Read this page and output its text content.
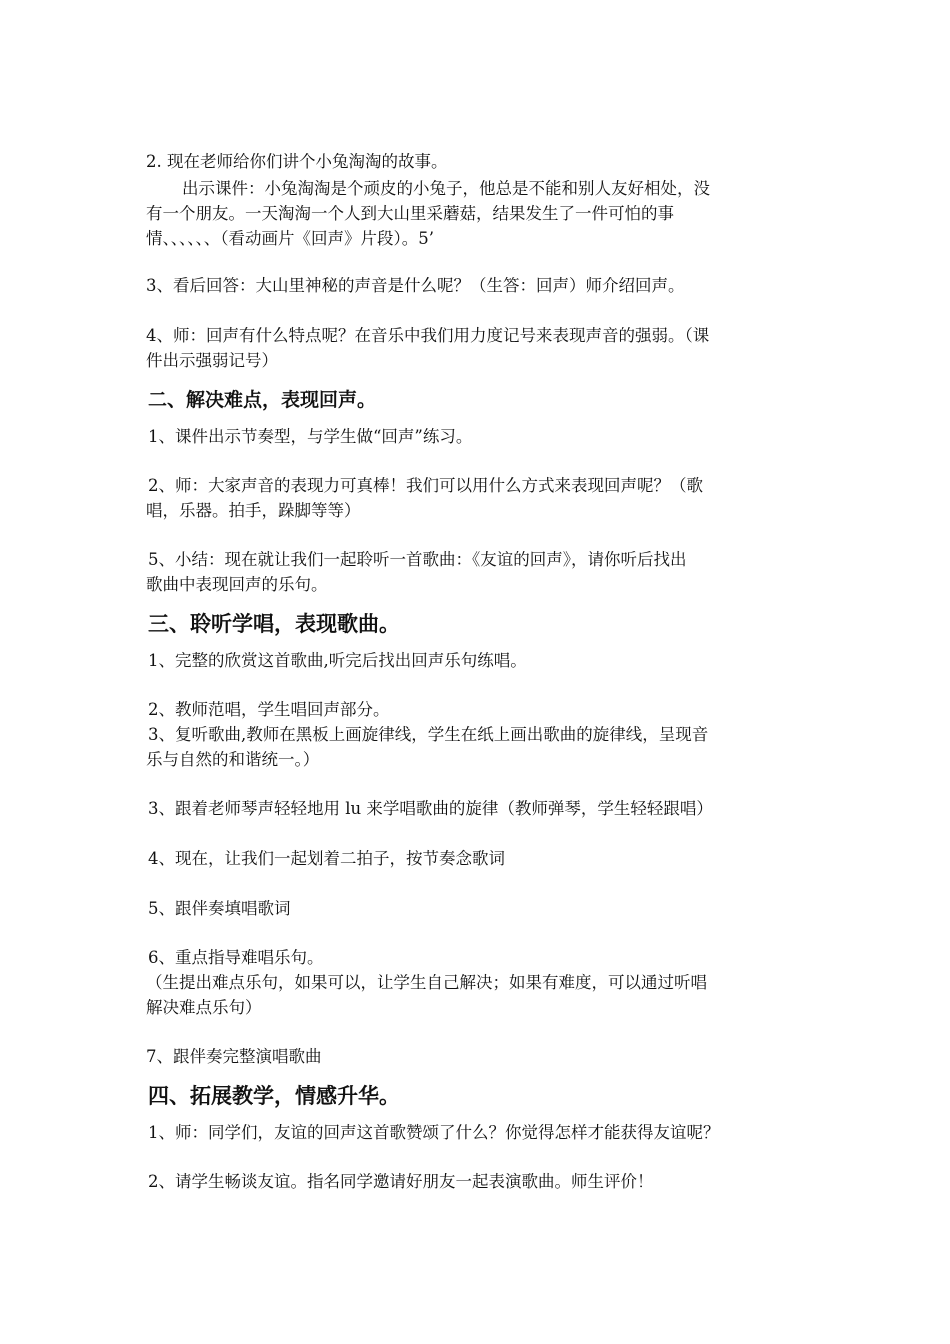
2. 现在老师给你们讲个小兔淘淘的故事。
出示课件：小兔淘淘是个顽皮的小兔子，他总是不能和别人友好相处，没
有一个朋友。一天淘淘一个人到大山里采蘑菇，结果发生了一件可怕的事
情、、、、、、（看动画片《回声》片段）。5’
3、看后回答：大山里神秘的声音是什么呢？（生答：回声）师介绍回声。
4、师：回声有什么特点呢？在音乐中我们用力度记号来表现声音的强弱。（课
件出示强弱记号）
二、解决难点，表现回声。
1、课件出示节奏型，与学生做“回声”练习。
2、师：大家声音的表现力可真棒！我们可以用什么方式来表现回声呢？（歌
唱，乐器。拍手，跺脚等等）
5、小结：现在就让我们一起聆听一首歌曲：《友谊的回声》，请你听后找出
歌曲中表现回声的乐句。
三、聆听学唱，表现歌曲。
1、完整的欣赏这首歌曲,听完后找出回声乐句练唱。
2、教师范唱，学生唱回声部分。
3、复听歌曲,教师在黑板上画旋律线，学生在纸上画出歌曲的旋律线，呈现音
乐与自然的和谐统一。）
3、跟着老师琴声轻轻地用 lu 来学唱歌曲的旋律（教师弹琴，学生轻轻跟唱）
4、现在，让我们一起划着二拍子，按节奏念歌词
5、跟伴奏填唱歌词
6、重点指导难唱乐句。
（生提出难点乐句，如果可以，让学生自己解决；如果有难度，可以通过听唱
解决难点乐句）
7、跟伴奏完整演唱歌曲
四、拓展教学，情感升华。
1、师：同学们，友谊的回声这首歌赞颂了什么？你觉得怎样才能获得友谊呢？
2、请学生畅谈友谊。指名同学邀请好朋友一起表演歌曲。师生评价！
